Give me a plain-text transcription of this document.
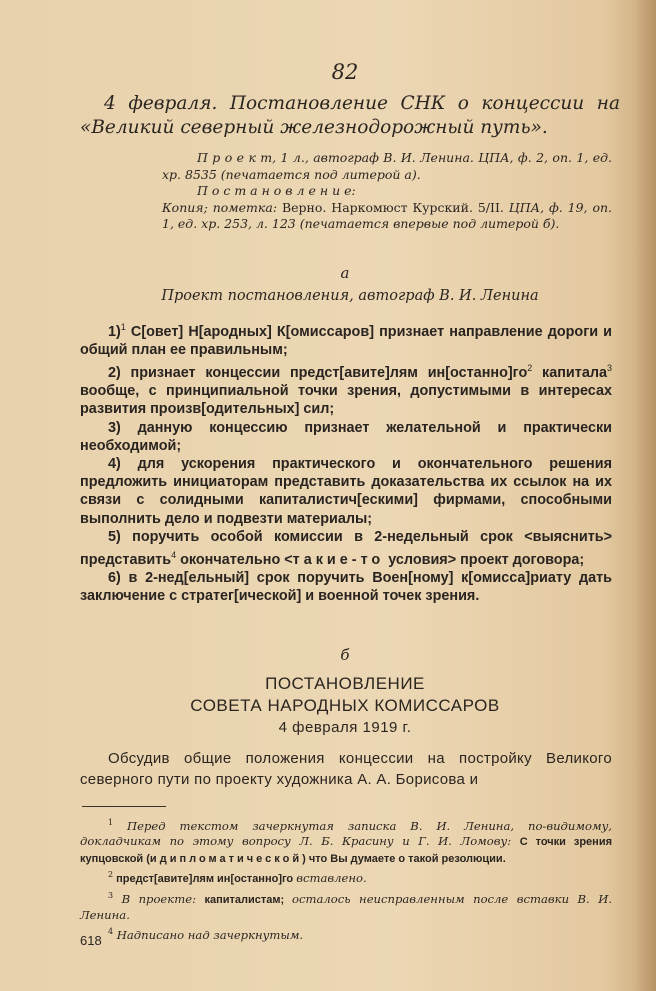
82
4 февраля. Постановление СНК о концессии на «Великий северный железнодорожный путь».
П р о е к т, 1 л., автограф В. И. Ленина. ЦПА, ф. 2, оп. 1, ед. хр. 8535 (печатается под литерой а).
П о с т а н о в л е н и е:
Копия; пометка: Верно. Наркомюст Курский. 5/II. ЦПА, ф. 19, оп. 1, ед. хр. 253, л. 123 (печатается впервые под литерой б).
а
Проект постановления, автограф В. И. Ленина

1)$^1$ С[овет] Н[ародных] К[омиссаров] признает направление дороги и общий план ее правильным;

2) признает концессии предст[авите]лям $ин[останно]го^2$ капитала$^3$ вообще, с принципиальной точки зрения, допустимыми в интересах развития произв[одительных] сил;

3) данную концессию признает желательной и практически необходимой;

4) для ускорения практического и окончательного решения предложить инициаторам представить доказательства их ссылок на их связи с солидными капиталистич[ескими] фирмами, способными выполнить дело и подвезти материалы;

5) поручить особой комиссии в 2-недельный срок <выяснить> представить$^4$ окончательно <такие-то условия> проект договора;

6) в 2-нед[ельный] срок поручить Воен[ному] к[омисса]риату дать заключение с стратег[ической] и военной точек зрения.

б
ПОСТАНОВЛЕНИЕ
СОВЕТА НАРОДНЫХ КОМИССАРОВ
4 февраля 1919 г.

Обсудив общие положения концессии на постройку Великого северного пути по проекту художника А. А. Борисова и

$^1$ Перед текстом зачеркнутая записка В. И. Ленина, по-видимому, докладчикам по этому вопросу Л. Б. Красину и Г. И. Ломову: С точки зрения купцовской (и дипломатической) что Вы думаете о такой резолюции.

$^2$ предст[авите]лям ин[останно]го вставлено.

$^3$ В проекте: капиталистам; осталось неисправленным после вставки В. И. Ленина.

$^4$ Надписано над зачеркнутым.

618
